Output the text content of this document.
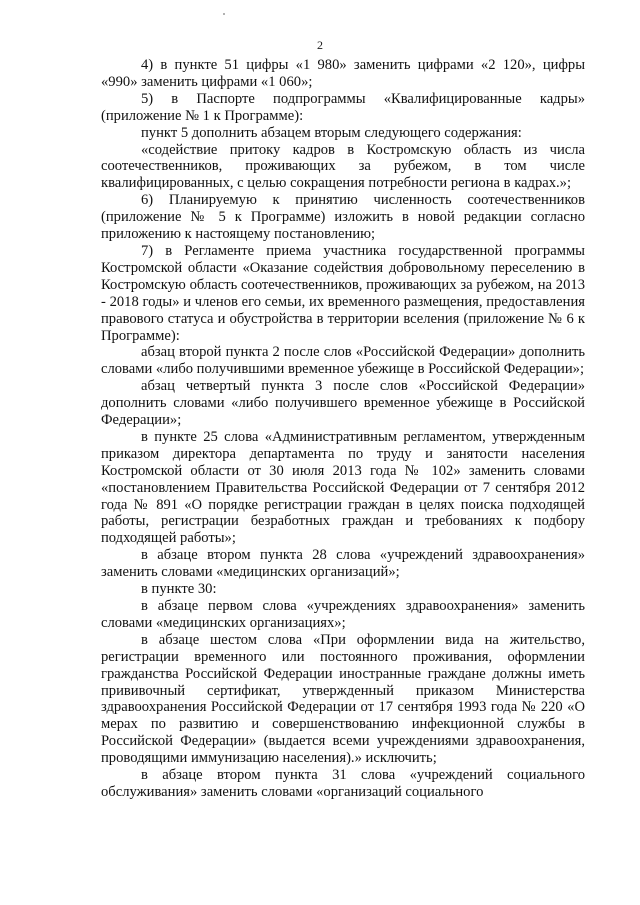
2

4) в пункте 51 цифры «1 980» заменить цифрами «2 120», цифры «990» заменить цифрами «1 060»;

5) в Паспорте подпрограммы «Квалифицированные кадры» (приложение № 1 к Программе):

пункт 5 дополнить абзацем вторым следующего содержания:

«содействие притоку кадров в Костромскую область из числа соотечественников, проживающих за рубежом, в том числе квалифицированных, с целью сокращения потребности региона в кадрах.»;

6) Планируемую к принятию численность соотечественников (приложение № 5 к Программе) изложить в новой редакции согласно приложению к настоящему постановлению;

7) в Регламенте приема участника государственной программы Костромской области «Оказание содействия добровольному переселению в Костромскую область соотечественников, проживающих за рубежом, на 2013 - 2018 годы» и членов его семьи, их временного размещения, предоставления правового статуса и обустройства в территории вселения (приложение № 6 к Программе):

абзац второй пункта 2 после слов «Российской Федерации» дополнить словами «либо получившими временное убежище в Российской Федерации»;

абзац четвертый пункта 3 после слов «Российской Федерации» дополнить словами «либо получившего временное убежище в Российской Федерации»;

в пункте 25 слова «Административным регламентом, утвержденным приказом директора департамента по труду и занятости населения Костромской области от 30 июля 2013 года № 102» заменить словами «постановлением Правительства Российской Федерации от 7 сентября 2012 года № 891 «О порядке регистрации граждан в целях поиска подходящей работы, регистрации безработных граждан и требованиях к подбору подходящей работы»;

в абзаце втором пункта 28 слова «учреждений здравоохранения» заменить словами «медицинских организаций»;

в пункте 30:

в абзаце первом слова «учреждениях здравоохранения» заменить словами «медицинских организациях»;

в абзаце шестом слова «При оформлении вида на жительство, регистрации временного или постоянного проживания, оформлении гражданства Российской Федерации иностранные граждане должны иметь прививочный сертификат, утвержденный приказом Министерства здравоохранения Российской Федерации от 17 сентября 1993 года № 220 «О мерах по развитию и совершенствованию инфекционной службы в Российской Федерации» (выдается всеми учреждениями здравоохранения, проводящими иммунизацию населения).» исключить;

в абзаце втором пункта 31 слова «учреждений социального обслуживания» заменить словами «организаций социального
